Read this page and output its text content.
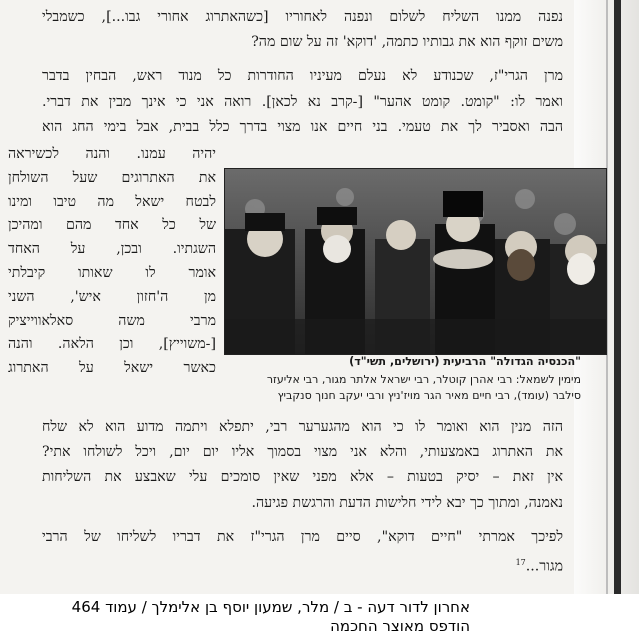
נפנה ממנו השליח לשלום ונפנה לאחוריו [כשהאתרוג אחורי גבו...], כשמבלי
משים זוקף הוא את גבותיו כתמה, 'דוקא' זה על שום מה?
מרן הגרי"ז, שכנודע לא נעלם מעיניו החודרות כל מנוד ראש, הבחין בדבר
ואמר לו: "קומט. קומט אהער" [-קרב נא לכאן]. רואה אני כי אינך מבין את דברי.
הבה ואסביר לך את טעמי. בני חיים אנו מצוי בדרך כלל בבית, אבל בימי החג הוא
"הכנסיה הגדולה" הרביעית (ירושלים, תשי"ד)
מימין לשמאל: רבי אהרן קוטלר, רבי ישראל אלתר מגור, רבי אליעזר
סילבר (עומד), רבי חיים מאיר הגר מויז'ניץ ורבי יעקב חנוך סנקביץ
יהיה עמנו. והנה לכשיראה
את האתרוגים שעל השולחן
לבטח ישאל מה טיבו ומינו
של כל אחד מהם ומהיכן
השגתיו. ובכן, על האחד
אומר לו שאותו קיבלתי
מן ה'חזון איש', השני
מרבי משה סאלאווייציק
[-משוייץ], וכן הלאה. והנה
כאשר ישאל על האתרוג
הזה מנין הוא ואומר לו כי הוא מהגערער רבי, יתפלא ויתמה מדוע הוא לא שלח
את האתרוג באמצעותי, והלא אני מצוי בסמוך אליו יום יום, ויכל לשולחו אתי?
אין זאת – יסיק בטעות – אלא מפני שאין סומכים עלי שאבצע את השליחות
נאמנה, ומתוך כך יבא לידי חלישות הדעת והרגשת פגיעה.
לפיכך אמרתי "חיים דוקא", סיים מרן הגרי"ז את דבריו לשליחו של הרבי
מגור...$^{17}$
אחרון לדור דעה - ב / מלר, שמעון יוסף בן אלימלך / עמוד 464
הודפס מאוצר החכמה
